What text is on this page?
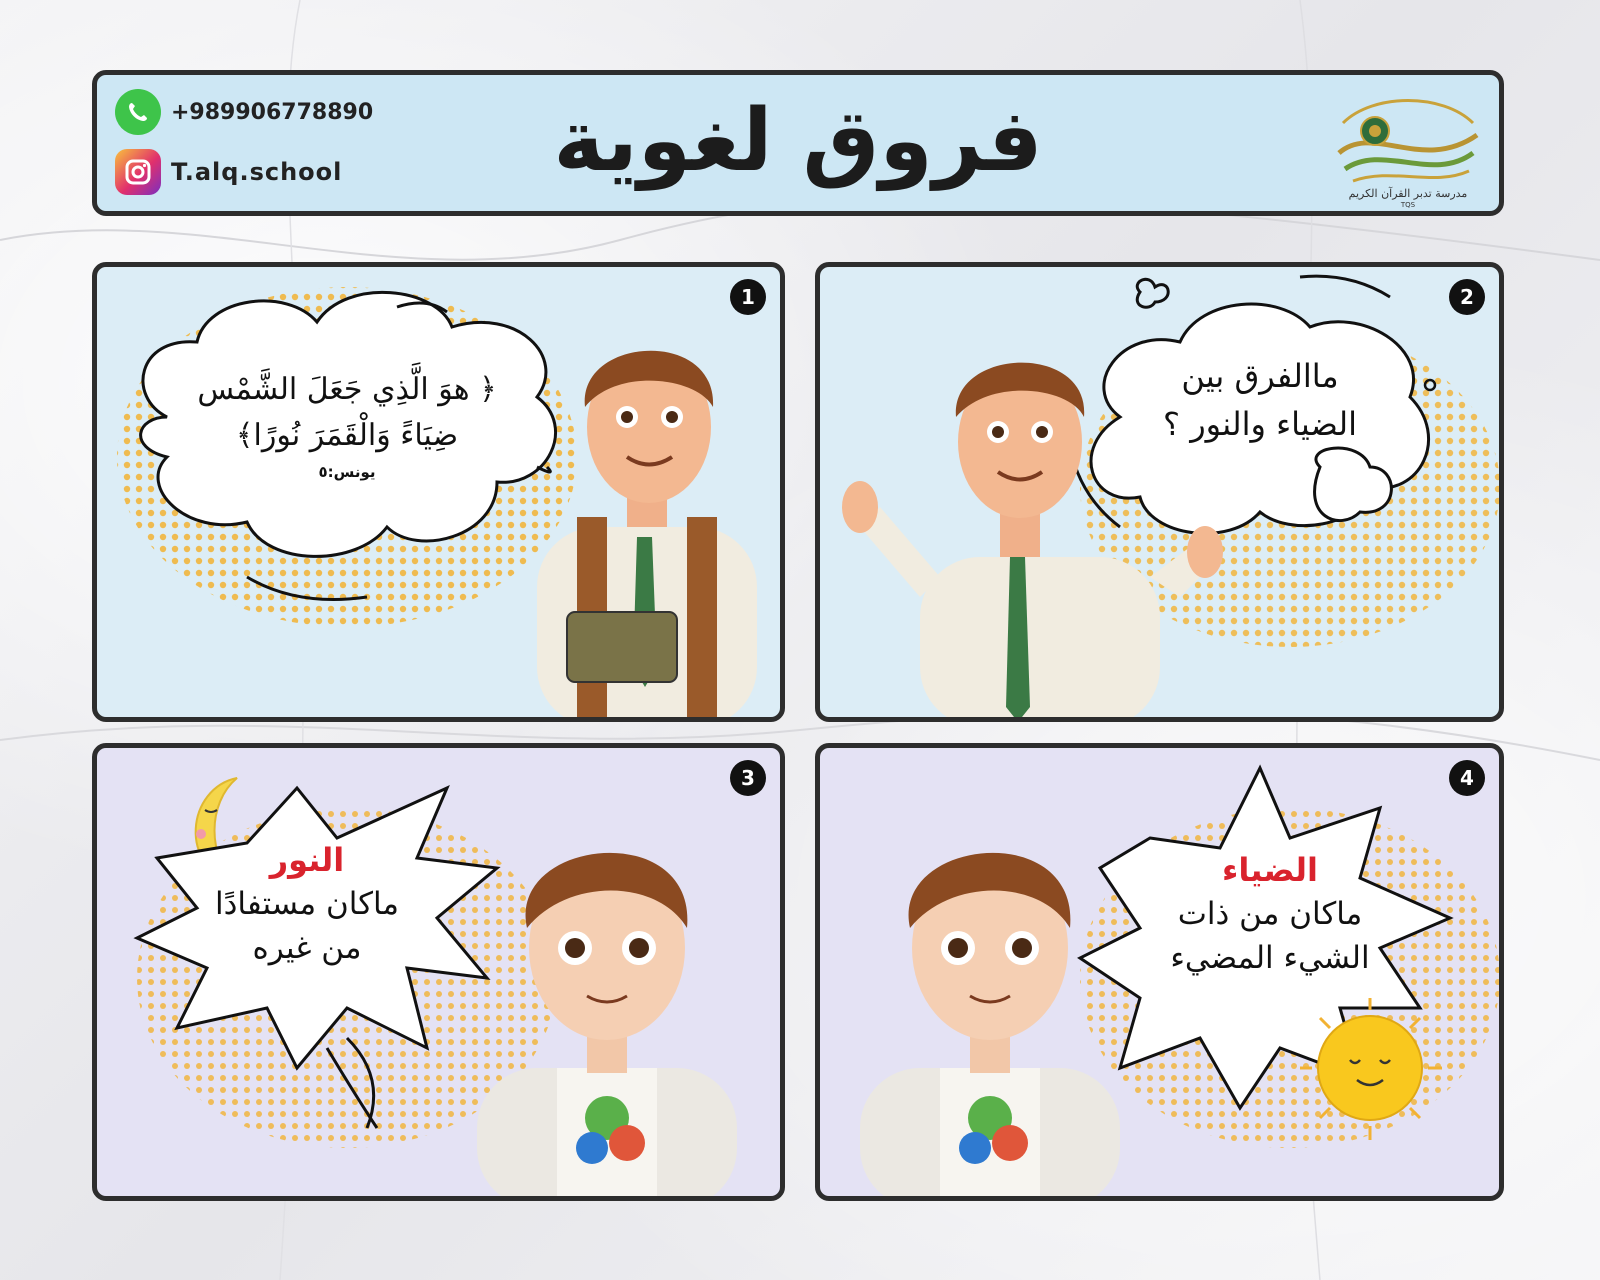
+989906778890
T.alq.school	فروق لغوية
مدرسة تدبر القرآن الكريم
TQS
﴿ هوَ الَّذِي جَعَلَ الشَّمْس
ضِيَاءً وَالْقَمَرَ نُورًا﴾
يونس:٥
1
ماالفرق بين
الضياء والنور ؟
2
النور
ماكان مستفادًا
من غيره
3
الضياء
ماكان من ذات
الشيء المضيء
4
